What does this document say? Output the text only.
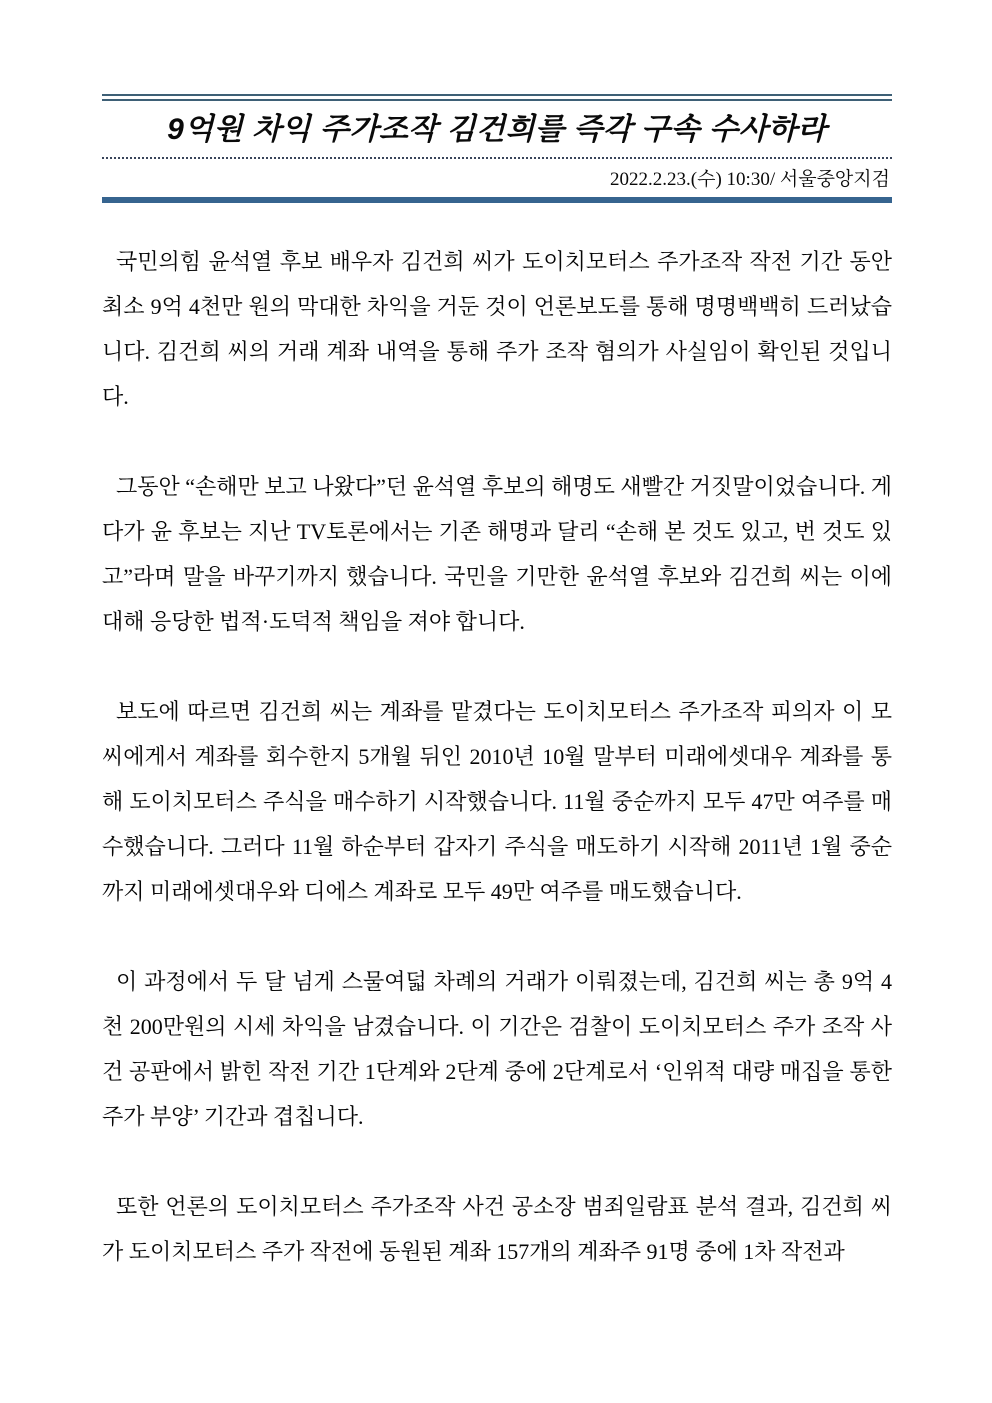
9억원 차익 주가조작 김건희를 즉각 구속 수사하라
2022.2.23.(수) 10:30/ 서울중앙지검

국민의힘 윤석열 후보 배우자 김건희 씨가 도이치모터스 주가조작 작전 기간 동안 최소 9억 4천만 원의 막대한 차익을 거둔 것이 언론보도를 통해 명명백백히 드러났습니다. 김건희 씨의 거래 계좌 내역을 통해 주가 조작 혐의가 사실임이 확인된 것입니다.

그동안 “손해만 보고 나왔다”던 윤석열 후보의 해명도 새빨간 거짓말이었습니다. 게다가 윤 후보는 지난 TV토론에서는 기존 해명과 달리 “손해 본 것도 있고, 번 것도 있고”라며 말을 바꾸기까지 했습니다. 국민을 기만한 윤석열 후보와 김건희 씨는 이에 대해 응당한 법적·도덕적 책임을 져야 합니다.

보도에 따르면 김건희 씨는 계좌를 맡겼다는 도이치모터스 주가조작 피의자 이 모씨에게서 계좌를 회수한지 5개월 뒤인 2010년 10월 말부터 미래에셋대우 계좌를 통해 도이치모터스 주식을 매수하기 시작했습니다. 11월 중순까지 모두 47만 여주를 매수했습니다. 그러다 11월 하순부터 갑자기 주식을 매도하기 시작해 2011년 1월 중순까지 미래에셋대우와 디에스 계좌로 모두 49만 여주를 매도했습니다.

이 과정에서 두 달 넘게 스물여덟 차례의 거래가 이뤄졌는데, 김건희 씨는 총 9억 4천 200만원의 시세 차익을 남겼습니다. 이 기간은 검찰이 도이치모터스 주가 조작 사건 공판에서 밝힌 작전 기간 1단계와 2단계 중에 2단계로서 ‘인위적 대량 매집을 통한 주가 부양’ 기간과 겹칩니다.

또한 언론의 도이치모터스 주가조작 사건 공소장 범죄일람표 분석 결과, 김건희 씨가 도이치모터스 주가 작전에 동원된 계좌 157개의 계좌주 91명 중에 1차 작전과
